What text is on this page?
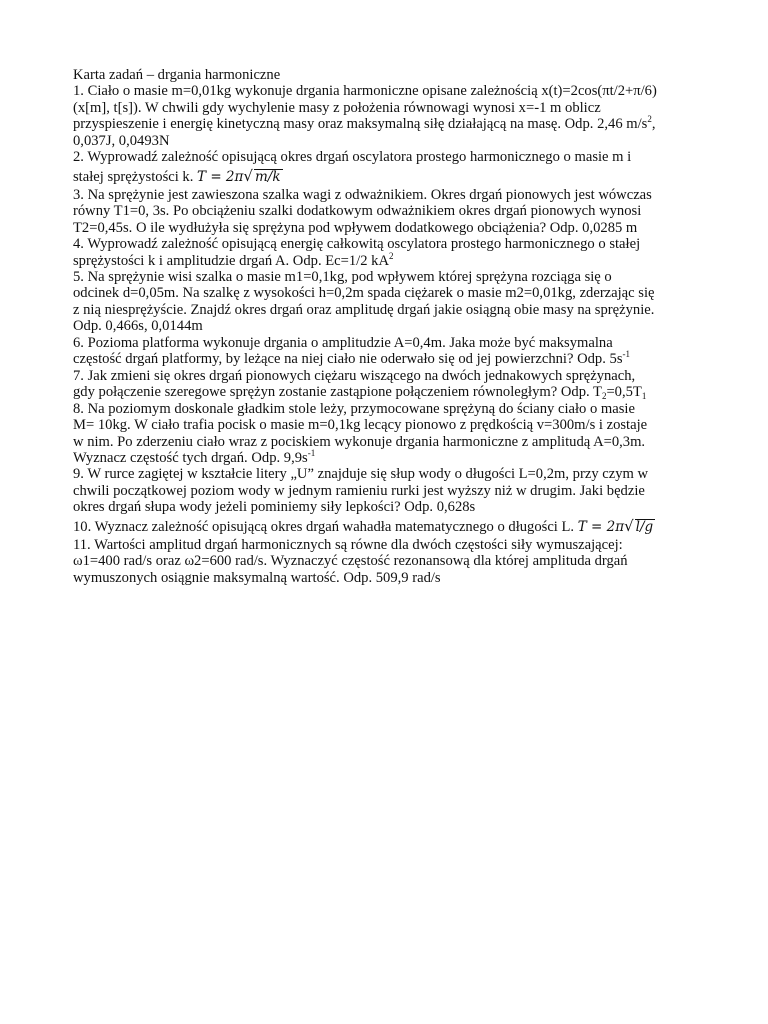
Karta zadań – drgania harmoniczne
1. Ciało o masie m=0,01kg wykonuje drgania harmoniczne opisane zależnością x(t)=2cos(πt/2+π/6)
(x[m], t[s]). W chwili gdy wychylenie masy z położenia równowagi wynosi x=-1 m oblicz
przyspieszenie i energię kinetyczną masy oraz maksymalną siłę działającą na masę. Odp. 2,46 $m/s^2$,
0,037J, 0,0493N
2. Wyprowadź zależność opisującą okres drgań oscylatora prostego harmonicznego o masie m i
stałej sprężystości k. T = 2π√ m/k
3. Na sprężynie jest zawieszona szalka wagi z odważnikiem. Okres drgań pionowych jest wówczas
równy T1=0, 3s. Po obciążeniu szalki dodatkowym odważnikiem okres drgań pionowych wynosi
T2=0,45s. O ile wydłużyła się sprężyna pod wpływem dodatkowego obciążenia? Odp. 0,0285 m
4. Wyprowadź zależność opisującą energię całkowitą oscylatora prostego harmonicznego o stałej
sprężystości k i amplitudzie drgań A. Odp. Ec=1/2 $kA^2$
5. Na sprężynie wisi szalka o masie m1=0,1kg, pod wpływem której sprężyna rozciąga się o
odcinek d=0,05m. Na szalkę z wysokości h=0,2m spada ciężarek o masie m2=0,01kg, zderzając się
z nią niesprężyście. Znajdź okres drgań oraz amplitudę drgań jakie osiągną obie masy na sprężynie.
Odp. 0,466s, 0,0144m
6. Pozioma platforma wykonuje drgania o amplitudzie A=0,4m. Jaka może być maksymalna
częstość drgań platformy, by leżące na niej ciało nie oderwało się od jej powierzchni? Odp. $5s^{-1}$
7. Jak zmieni się okres drgań pionowych ciężaru wiszącego na dwóch jednakowych sprężynach,
gdy połączenie szeregowe sprężyn zostanie zastąpione połączeniem równoległym? Odp. $T_2=0,5T_1$
8. Na poziomym doskonale gładkim stole leży, przymocowane sprężyną do ściany ciało o masie
M= 10kg. W ciało trafia pocisk o masie m=0,1kg lecący pionowo z prędkością v=300m/s i zostaje
w nim. Po zderzeniu ciało wraz z pociskiem wykonuje drgania harmoniczne z amplitudą A=0,3m.
Wyznacz częstość tych drgań. Odp. $9,9s^{-1}$
9. W rurce zagiętej w kształcie litery „U” znajduje się słup wody o długości L=0,2m, przy czym w
chwili początkowej poziom wody w jednym ramieniu rurki jest wyższy niż w drugim. Jaki będzie
okres drgań słupa wody jeżeli pominiemy siły lepkości? Odp. 0,628s
10. Wyznacz zależność opisującą okres drgań wahadła matematycznego o długości L. T = 2π√ l/g
11. Wartości amplitud drgań harmonicznych są równe dla dwóch częstości siły wymuszającej:
ω1=400 rad/s oraz ω2=600 rad/s. Wyznaczyć częstość rezonansową dla której amplituda drgań
wymuszonych osiągnie maksymalną wartość. Odp. 509,9 rad/s
